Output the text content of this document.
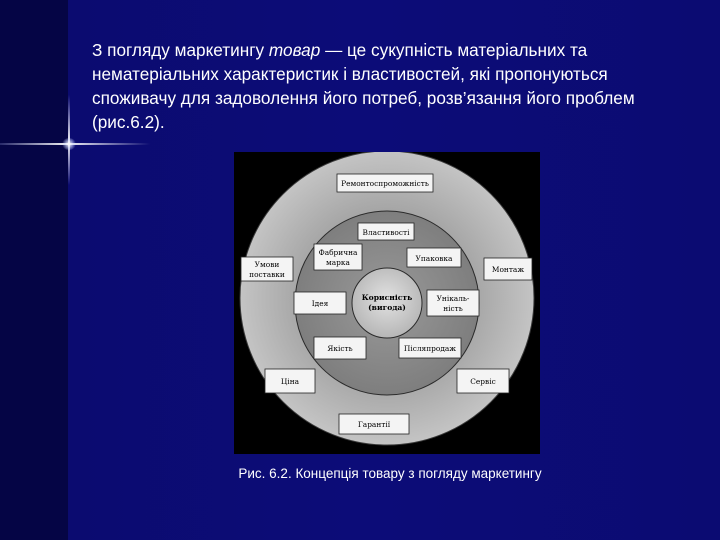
З погляду маркетингу товар — це сукупність матеріальних та
нематеріальних характеристик і властивостей, які пропонуються
споживачу для задоволення його потреб, розв’язання його проблем
(рис.6.2).
Ремонтоспроможність
Властивості
Фабрична
марка	Упаковка
Ідея
Корисність
(вигода)
Унікаль-
ність
Якість	Післяпродаж
Умови
поставки
Монтаж
Ціна	Сервіс
Гарантії
Рис. 6.2. Концепція товару з погляду маркетингу
